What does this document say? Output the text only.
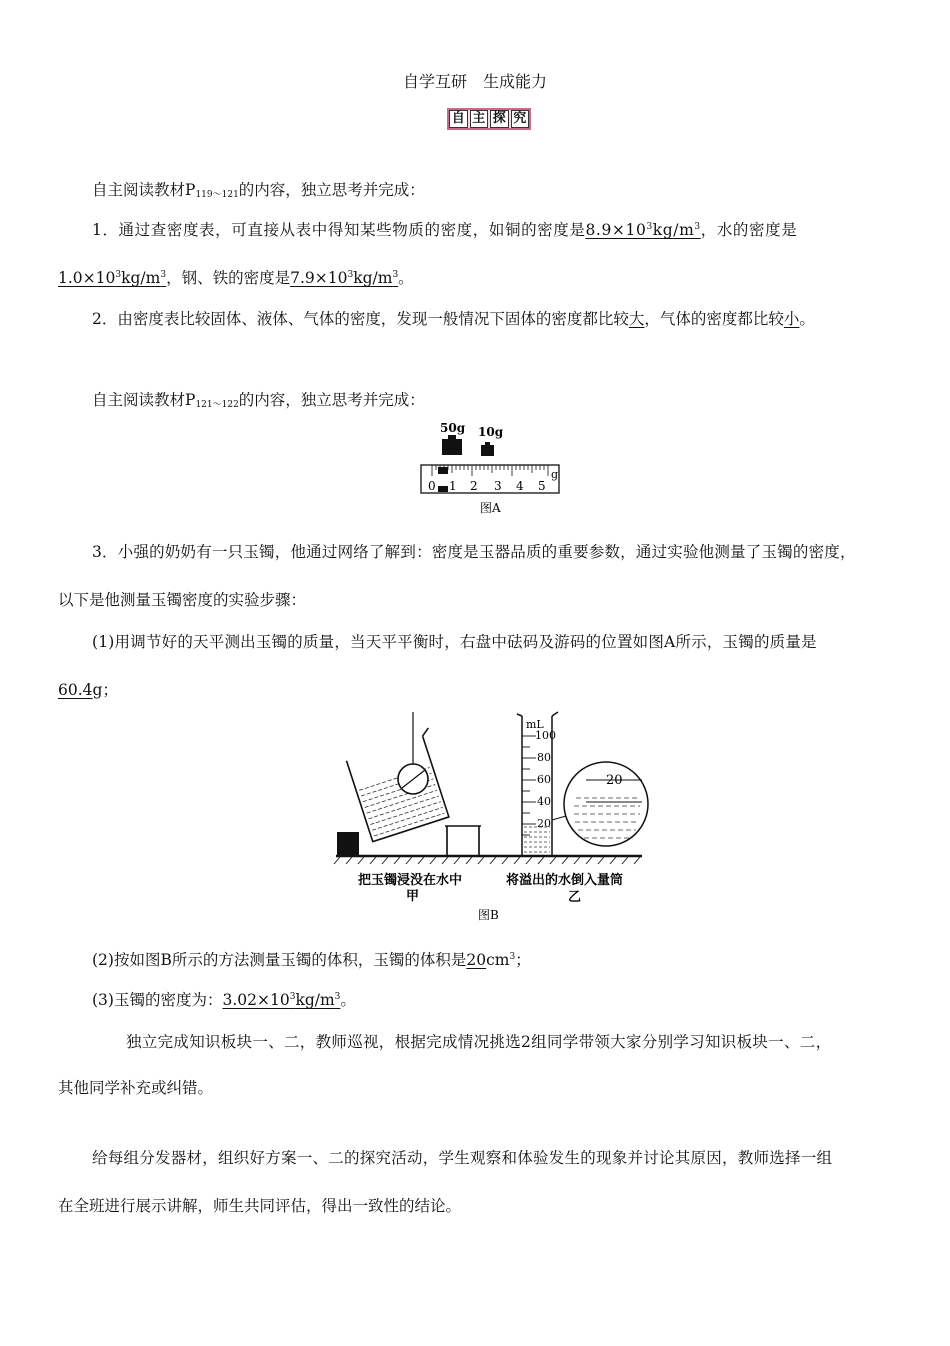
自学互研　生成能力
自 主 探 究
自主阅读教材$P_{119\sim 121}$的内容，独立思考并完成：
1．通过查密度表，可直接从表中得知某些物质的密度，如铜的密度是$8.9\times 10^3kg/m^3$，水的密度是
$1.0\times 10^3kg/m^3$，钢、铁的密度是$7.9\times 10^3kg/m^3$。
2．由密度表比较固体、液体、气体的密度，发现一般情况下固体的密度都比较大，气体的密度都比较小。
自主阅读教材$P_{121\sim 122}$的内容，独立思考并完成：
50g 10g
g
0 1 2 3 4 5
图A
3．小强的奶奶有一只玉镯，他通过网络了解到：密度是玉器品质的重要参数，通过实验他测量了玉镯的密度，
以下是他测量玉镯密度的实验步骤：
(1)用调节好的天平测出玉镯的质量，当天平平衡时，右盘中砝码及游码的位置如图A所示，玉镯的质量是
60.4g；
mL
100
80
60
40
20
20
把玉镯浸没在水中
甲
将溢出的水倒入量筒
乙
图B
(2)按如图B所示的方法测量玉镯的体积，玉镯的体积是$20cm^3$；
(3)玉镯的密度为：$3.02\times 10^3kg/m^3$。
独立完成知识板块一、二，教师巡视，根据完成情况挑选2组同学带领大家分别学习知识板块一、二，
其他同学补充或纠错。
给每组分发器材，组织好方案一、二的探究活动，学生观察和体验发生的现象并讨论其原因，教师选择一组
在全班进行展示讲解，师生共同评估，得出一致性的结论。
